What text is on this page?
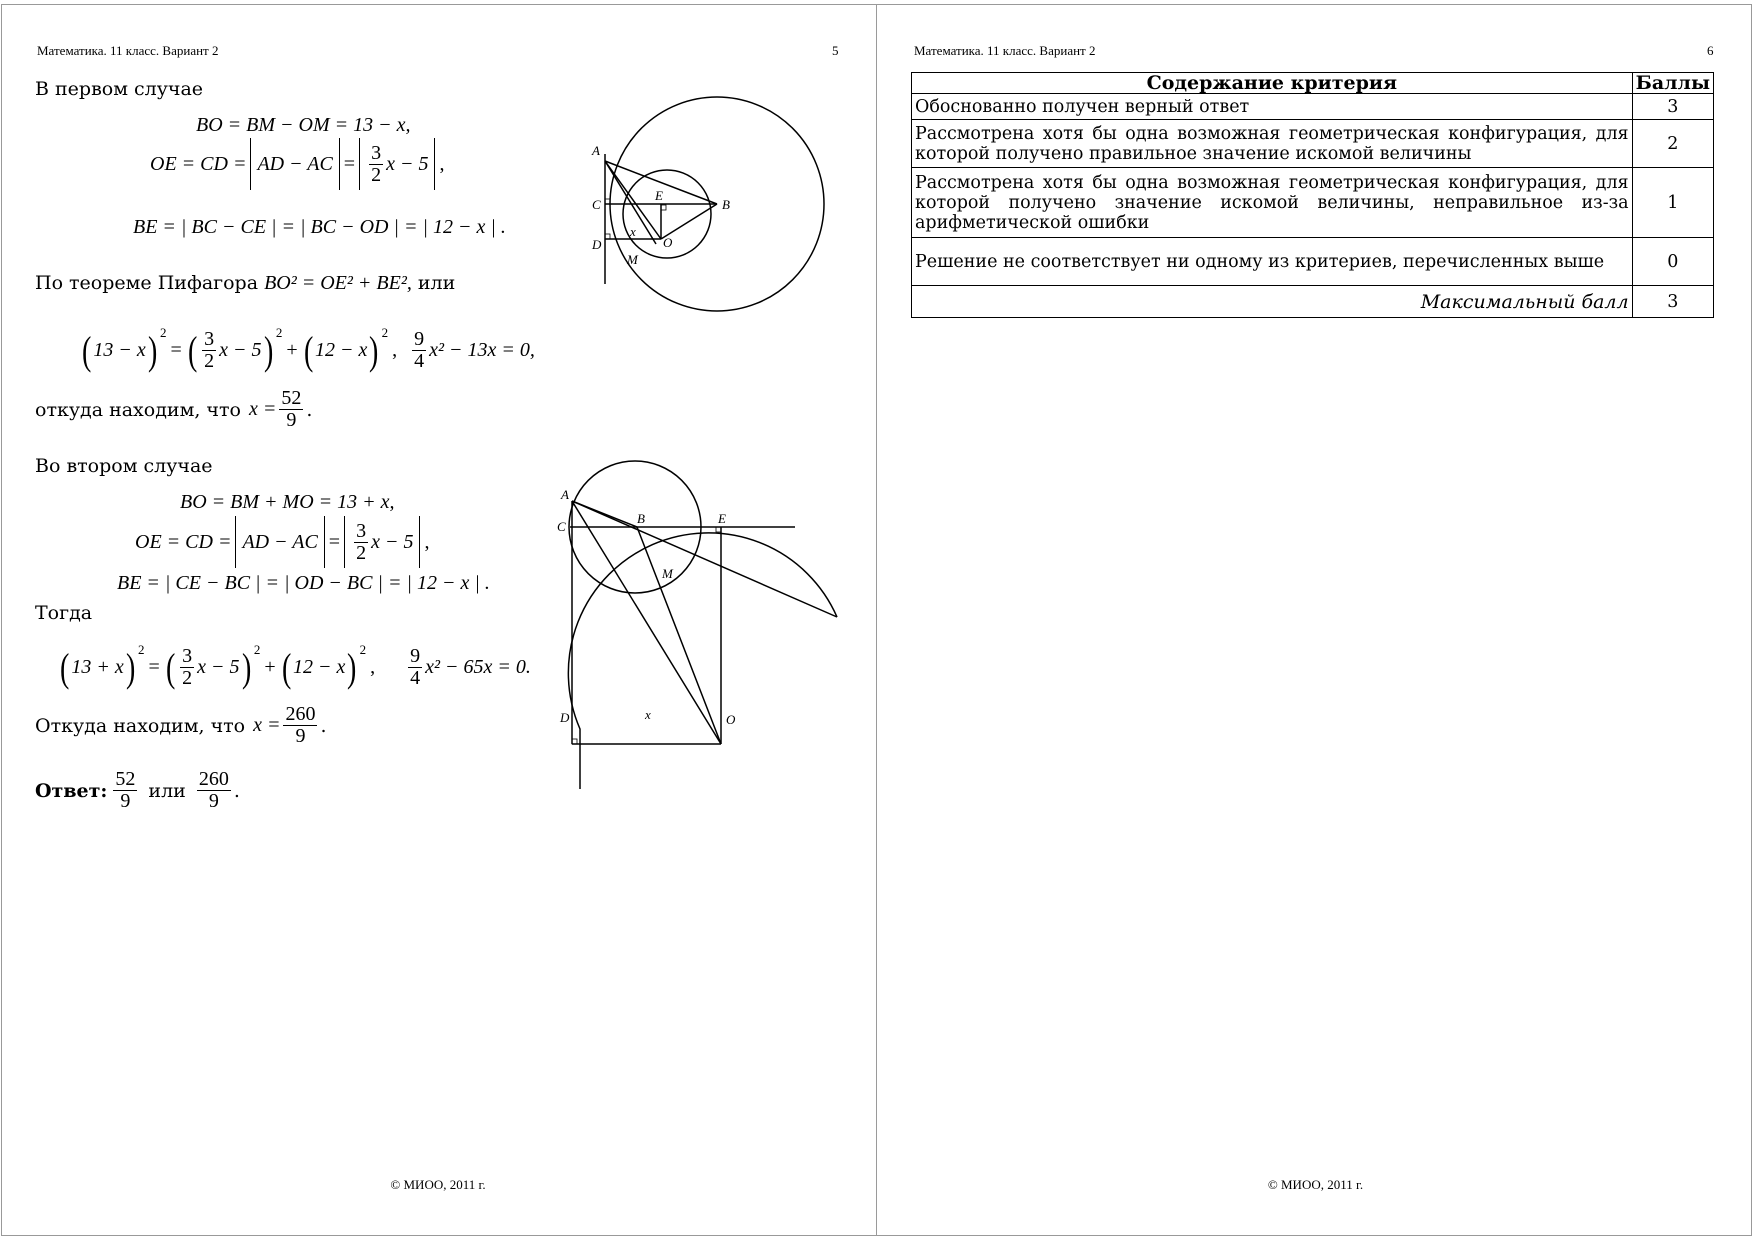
Математика. 11 класс. Вариант 2	5
В первом случае
BO = BM − OM = 13 − x,
OE = CD = AD − AC = $\frac{3}{2}$ x − 5 ,
BE = | BC − CE | = | BC − OD | = | 12 − x | .
По теореме Пифагора BO² = OE² + BE², или
( 13 − x ) 2
= ( $\frac{3}{2}$ x − 5 ) 2
+ ( 12 − x ) 2
, $\frac{9}{4} x^2 - 13x = 0$,
откуда находим, что $x = \frac{52}{9}$ .
Во втором случае
BO = BM + MO = 13 + x,
OE = CD = AD − AC = $\frac{3}{2}$ x − 5 ,
BE = | CE − BC | = | OD − BC | = | 12 − x | .
Тогда
( 13 + x ) 2
= ( $\frac{3}{2}$ x − 5 ) 2
+ ( 12 − x ) 2
, $\frac{9}{4} x^2 - 65x = 0$.
Откуда находим, что $x = \frac{260}{9}$ .
Ответ: $\frac{52}{9}$ или $\frac{260}{9}$ .
A
B
C
D
E
O
M
x
A
B
C
D
E
O
M
x
© МИОО, 2011 г.
Математика. 11 класс. Вариант 2	6
Содержание критерия	Баллы
Обоснованно получен верный ответ	3
Рассмотрена хотя бы одна возможная геометрическая конфигурация, для которой получено правильное значение искомой величины	2
Рассмотрена хотя бы одна возможная геометрическая конфигурация, для которой получено значение искомой величины, неправильное из-за арифметической ошибки	1
Решение не соответствует ни одному из критериев, перечисленных выше	0
Максимальный балл	3
© МИОО, 2011 г.
